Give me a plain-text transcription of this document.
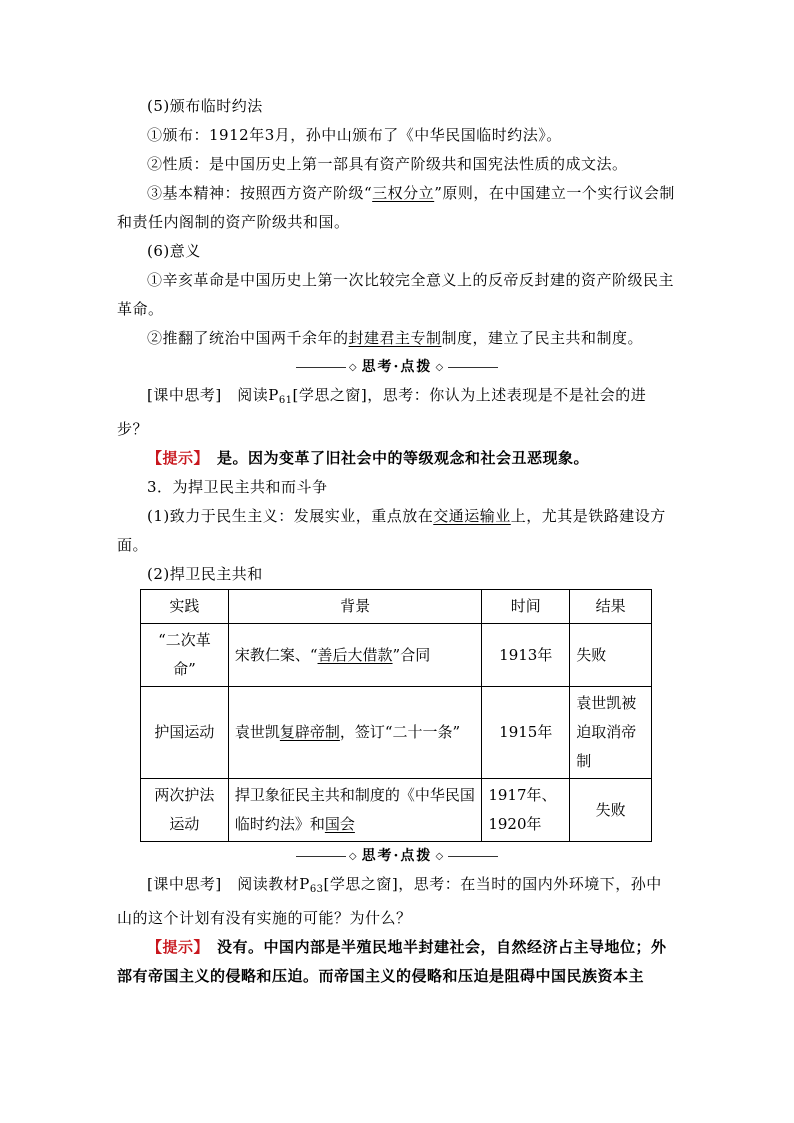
(5)颁布临时约法

①颁布：1912年3月，孙中山颁布了《中华民国临时约法》。

②性质：是中国历史上第一部具有资产阶级共和国宪法性质的成文法。

③基本精神：按照西方资产阶级“三权分立”原则，在中国建立一个实行议会制和责任内阁制的资产阶级共和国。

(6)意义

①辛亥革命是中国历史上第一次比较完全意义上的反帝反封建的资产阶级民主革命。

②推翻了统治中国两千余年的封建君主专制制度，建立了民主共和制度。

◇ 思考·点拨 ◇

[课中思考]　阅读$P_{61}$[学思之窗]，思考：你认为上述表现是不是社会的进步？

【提示】　是。因为变革了旧社会中的等级观念和社会丑恶现象。

3．为捍卫民主共和而斗争

(1)致力于民生主义：发展实业，重点放在交通运输业上，尤其是铁路建设方面。

(2)捍卫民主共和

实践	背景	时间	结果
“二次革命”	宋教仁案、“善后大借款”合同	1913年	失败
护国运动	袁世凯复辟帝制，签订“二十一条”	1915年	袁世凯被迫取消帝制
两次护法运动	捍卫象征民主共和制度的《中华民国临时约法》和国会	1917年、1920年	失败
◇ 思考·点拨 ◇

[课中思考]　阅读教材$P_{63}$[学思之窗]，思考：在当时的国内外环境下，孙中山的这个计划有没有实施的可能？为什么？

【提示】　没有。中国内部是半殖民地半封建社会，自然经济占主导地位；外部有帝国主义的侵略和压迫。而帝国主义的侵略和压迫是阻碍中国民族资本主
